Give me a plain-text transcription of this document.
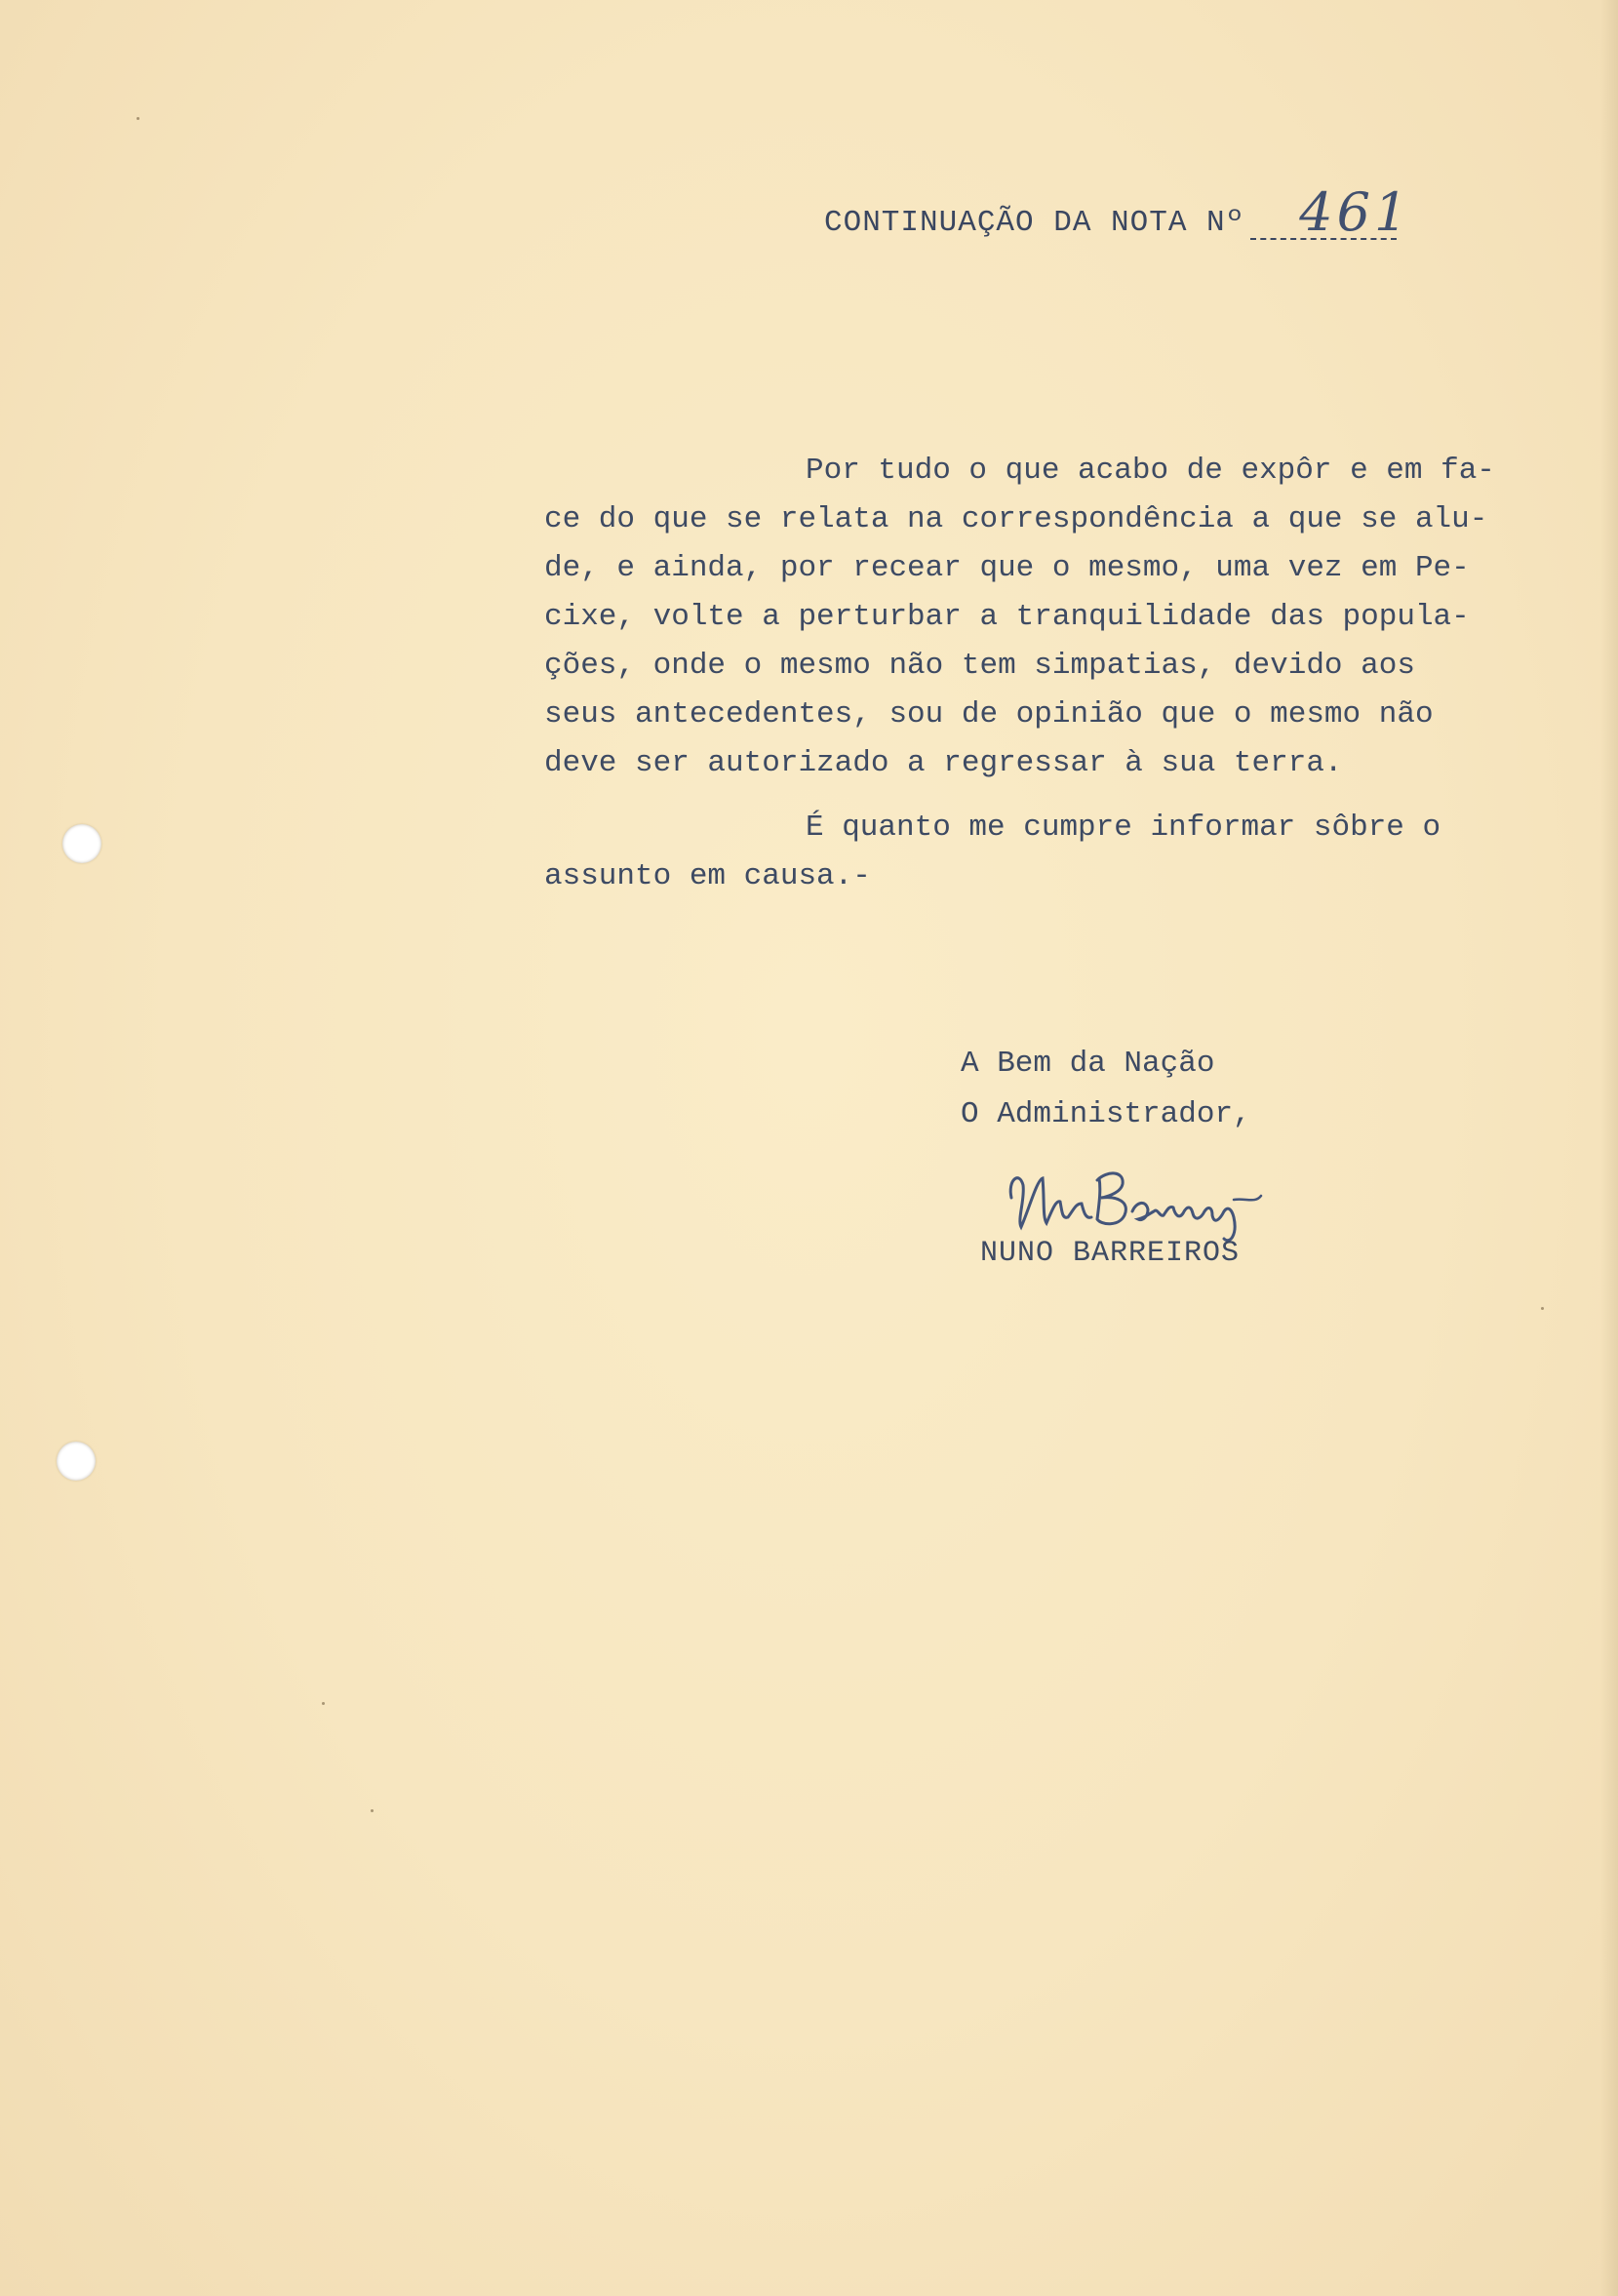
CONTINUAÇÃO DA NOTA Nº 461

Por tudo o que acabo de expôr e em fa-
ce do que se relata na correspondência a que se alu-
de, e ainda, por recear que o mesmo, uma vez em Pe-
cixe, volte a perturbar a tranquilidade das popula-
ções, onde o mesmo não tem simpatias, devido aos
seus antecedentes, sou de opinião que o mesmo não
deve ser autorizado a regressar à sua terra.

É quanto me cumpre informar sôbre o
assunto em causa.-

A Bem da Nação
O Administrador,
NUNO BARREIROS
